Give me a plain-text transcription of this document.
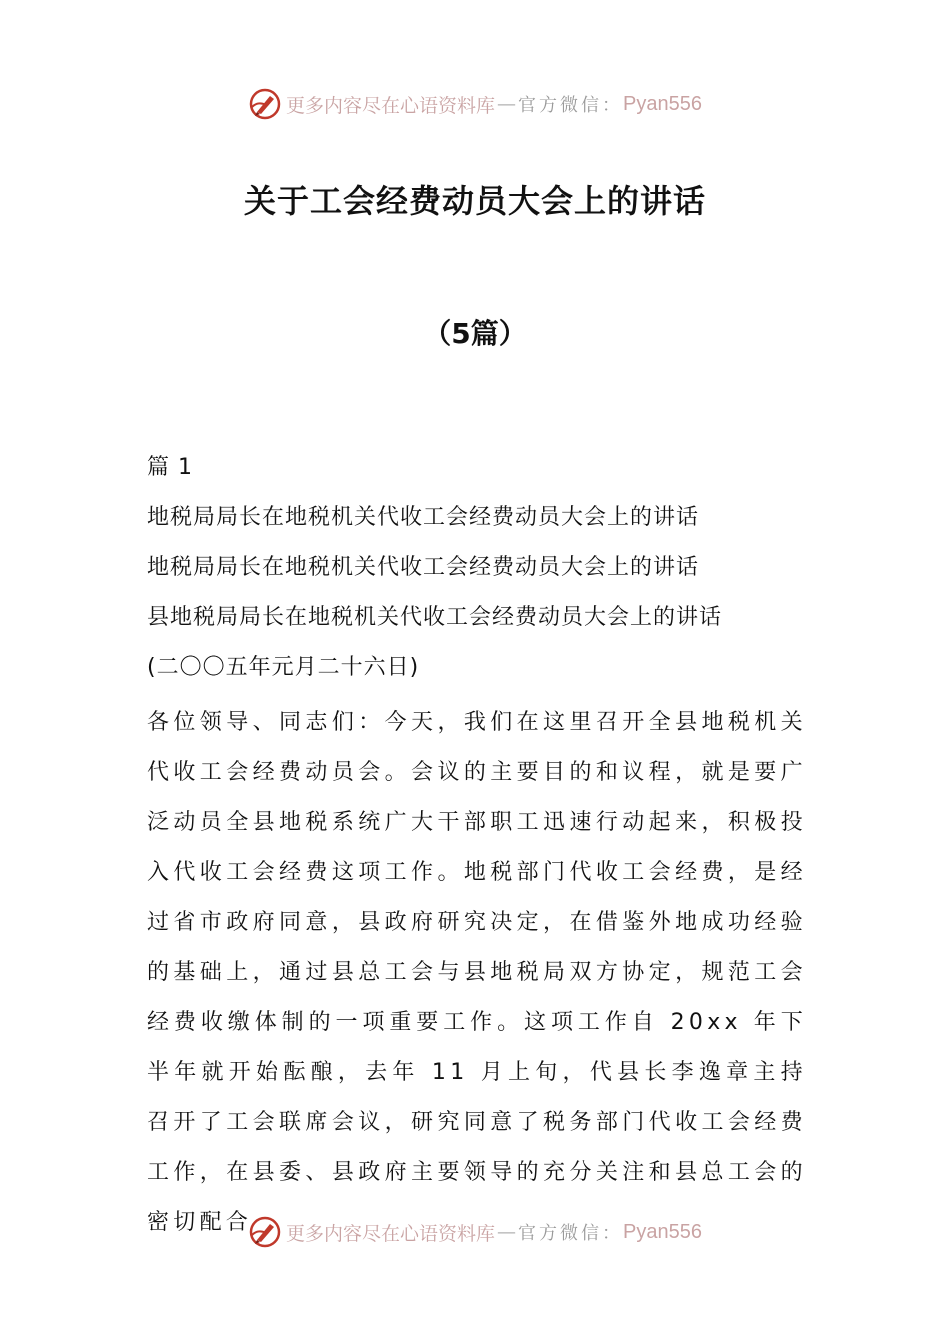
更多内容尽在心语资料库 — 官方微信： Pyan556
关于工会经费动员大会上的讲话
（5篇）
篇 1
地税局局长在地税机关代收工会经费动员大会上的讲话
地税局局长在地税机关代收工会经费动员大会上的讲话
县地税局局长在地税机关代收工会经费动员大会上的讲话
(二〇〇五年元月二十六日)
各位领导、同志们：今天，我们在这里召开全县地税机关代收工会经费动员会。会议的主要目的和议程，就是要广泛动员全县地税系统广大干部职工迅速行动起来，积极投入代收工会经费这项工作。地税部门代收工会经费，是经过省市政府同意，县政府研究决定，在借鉴外地成功经验的基础上，通过县总工会与县地税局双方协定，规范工会经费收缴体制的一项重要工作。这项工作自 20xx 年下半年就开始酝酿，去年 11 月上旬，代县长李逸章主持召开了工会联席会议，研究同意了税务部门代收工会经费工作，在县委、县政府主要领导的充分关注和县总工会的密切配合	更多内容尽在心语资料库 — 官方微信： Pyan556
